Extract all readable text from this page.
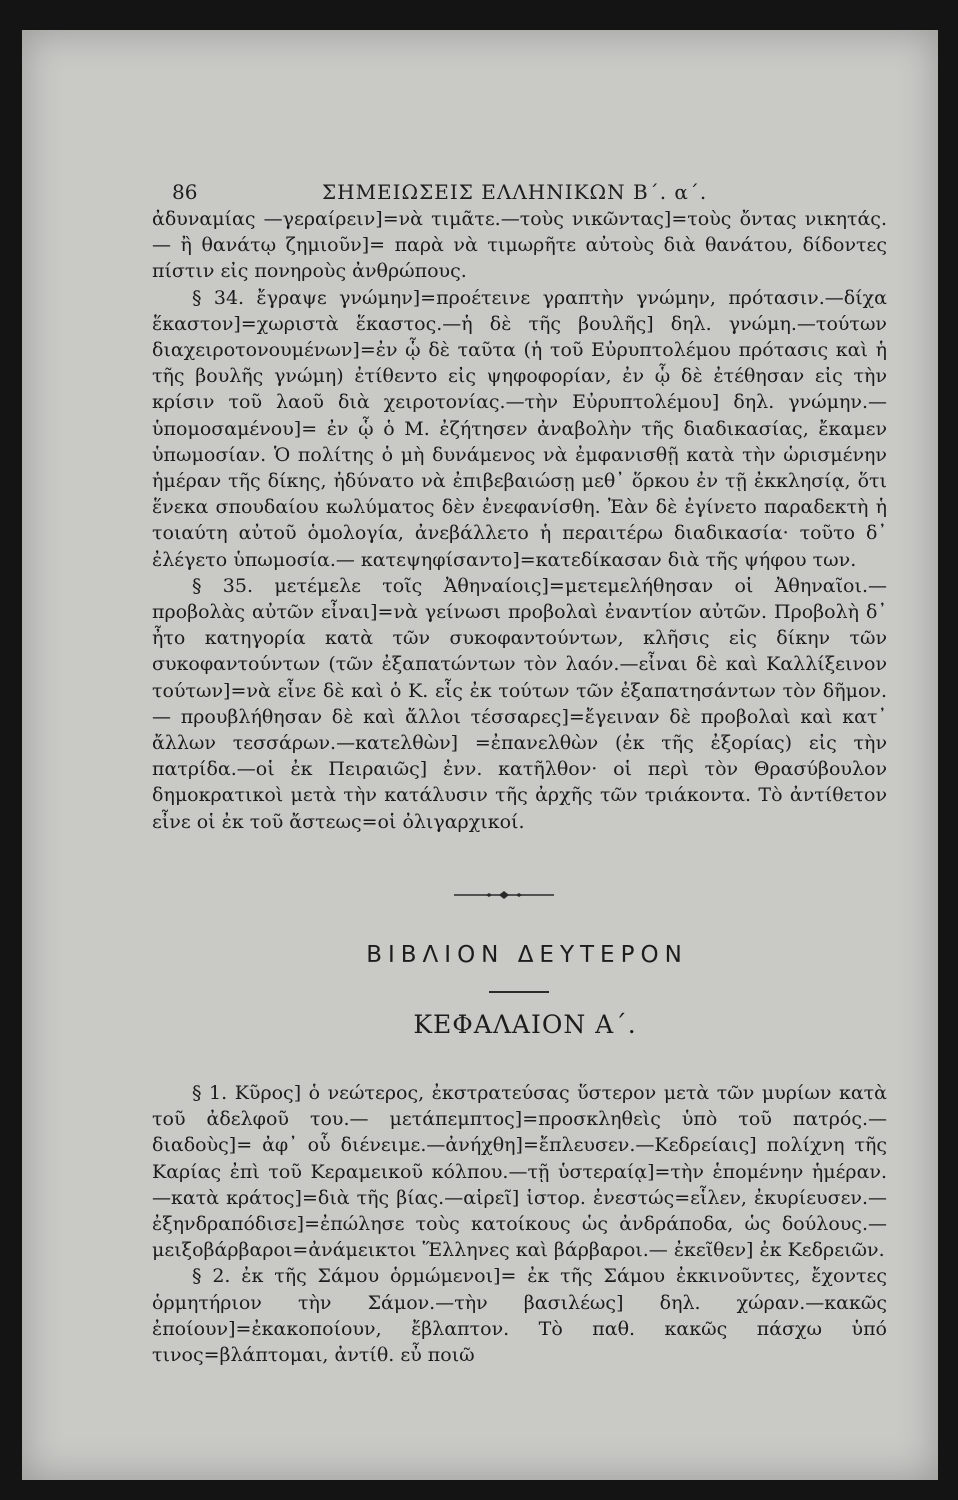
86	ΣΗΜΕΙΩΣΕΙΣ ΕΛΛΗΝΙΚΩΝ Β΄. α΄.

ἀδυναμίας —γεραίρειν]=νὰ τιμᾶτε.—τοὺς νικῶντας]=τοὺς ὄντας νικητάς.— ἢ θανάτῳ ζημιοῦν]= παρὰ νὰ τιμωρῆτε αὐτοὺς διὰ θανάτου, δίδοντες πίστιν εἰς πονηροὺς ἀνθρώπους.

§ 34. ἔγραψε γνώμην]=προέτεινε γραπτὴν γνώμην, πρότασιν.—δίχα ἕκαστον]=χωριστὰ ἕκαστος.—ἡ δὲ τῆς βουλῆς] δηλ. γνώμη.—τούτων διαχειροτονουμένων]=ἐν ᾧ δὲ ταῦτα (ἡ τοῦ Εὐρυπτολέμου πρότασις καὶ ἡ τῆς βουλῆς γνώμη) ἐτίθεντο εἰς ψηφοφορίαν, ἐν ᾧ δὲ ἐτέθησαν εἰς τὴν κρίσιν τοῦ λαοῦ διὰ χειροτονίας.—τὴν Εὐρυπτολέμου] δηλ. γνώμην.—ὑπομοσαμένου]= ἐν ᾧ ὁ Μ. ἐζήτησεν ἀναβολὴν τῆς διαδικασίας, ἔκαμεν ὑπωμοσίαν. Ὁ πολίτης ὁ μὴ δυνάμενος νὰ ἐμφανισθῇ κατὰ τὴν ὡρισμένην ἡμέραν τῆς δίκης, ἠδύνατο νὰ ἐπιβεβαιώσῃ μεθ᾽ ὅρκου ἐν τῇ ἐκκλησίᾳ, ὅτι ἕνεκα σπουδαίου κωλύματος δὲν ἐνεφανίσθη. Ἐὰν δὲ ἐγίνετο παραδεκτὴ ἡ τοιαύτη αὐτοῦ ὁμολογία, ἀνεβάλλετο ἡ περαιτέρω διαδικασία· τοῦτο δ᾽ ἐλέγετο ὑπωμοσία.— κατεψηφίσαντο]=κατεδίκασαν διὰ τῆς ψήφου των.

§ 35. μετέμελε τοῖς Ἀθηναίοις]=μετεμελήθησαν οἱ Ἀθηναῖοι.—προβολὰς αὐτῶν εἶναι]=νὰ γείνωσι προβολαὶ ἐναντίον αὐτῶν. Προβολὴ δ᾽ ἦτο κατηγορία κατὰ τῶν συκοφαντούντων, κλῆσις εἰς δίκην τῶν συκοφαντούντων (τῶν ἐξαπατώντων τὸν λαόν.—εἶναι δὲ καὶ Καλλίξεινον τούτων]=νὰ εἶνε δὲ καὶ ὁ Κ. εἷς ἐκ τούτων τῶν ἐξαπατησάντων τὸν δῆμον.— προυβλήθησαν δὲ καὶ ἄλλοι τέσσαρες]=ἔγειναν δὲ προβολαὶ καὶ κατ᾽ ἄλλων τεσσάρων.—κατελθὼν] =ἐπανελθὼν (ἐκ τῆς ἐξορίας) εἰς τὴν πατρίδα.—οἱ ἐκ Πειραιῶς] ἐνν. κατῆλθον· οἱ περὶ τὸν Θρασύβουλον δημοκρατικοὶ μετὰ τὴν κατάλυσιν τῆς ἀρχῆς τῶν τριάκοντα. Τὸ ἀντίθετον εἶνε οἱ ἐκ τοῦ ἄστεως=οἱ ὀλιγαρχικοί.

ΒΙΒΛΙΟΝ ΔΕΥΤΕΡΟΝ
ΚΕΦΑΛΑΙΟΝ Α΄.

§ 1. Κῦρος] ὁ νεώτερος, ἐκστρατεύσας ὕστερον μετὰ τῶν μυρίων κατὰ τοῦ ἀδελφοῦ του.— μετάπεμπτος]=προσκληθεὶς ὑπὸ τοῦ πατρός.—διαδοὺς]= ἀφ᾽ οὗ διένειμε.—ἀνήχθη]=ἔπλευσεν.—Κεδρείαις] πολίχνη τῆς Καρίας ἐπὶ τοῦ Κεραμεικοῦ κόλπου.—τῇ ὑστεραίᾳ]=τὴν ἑπομένην ἡμέραν.—κατὰ κράτος]=διὰ τῆς βίας.—αἱρεῖ] ἱστορ. ἐνεστώς=εἷλεν, ἐκυρίευσεν.—ἐξηνδραπόδισε]=ἐπώλησε τοὺς κατοίκους ὡς ἀνδράποδα, ὡς δούλους.—μειξοβάρβαροι=ἀνάμεικτοι Ἕλληνες καὶ βάρβαροι.— ἐκεῖθεν] ἐκ Κεδρειῶν.

§ 2. ἐκ τῆς Σάμου ὁρμώμενοι]= ἐκ τῆς Σάμου ἐκκινοῦντες, ἔχοντες ὁρμητήριον τὴν Σάμον.—τὴν βασιλέως] δηλ. χώραν.—κακῶς ἐποίουν]=ἐκακοποίουν, ἔβλαπτον. Τὸ παθ. κακῶς πάσχω ὑπό τινος=βλάπτομαι, ἀντίθ. εὖ ποιῶ
